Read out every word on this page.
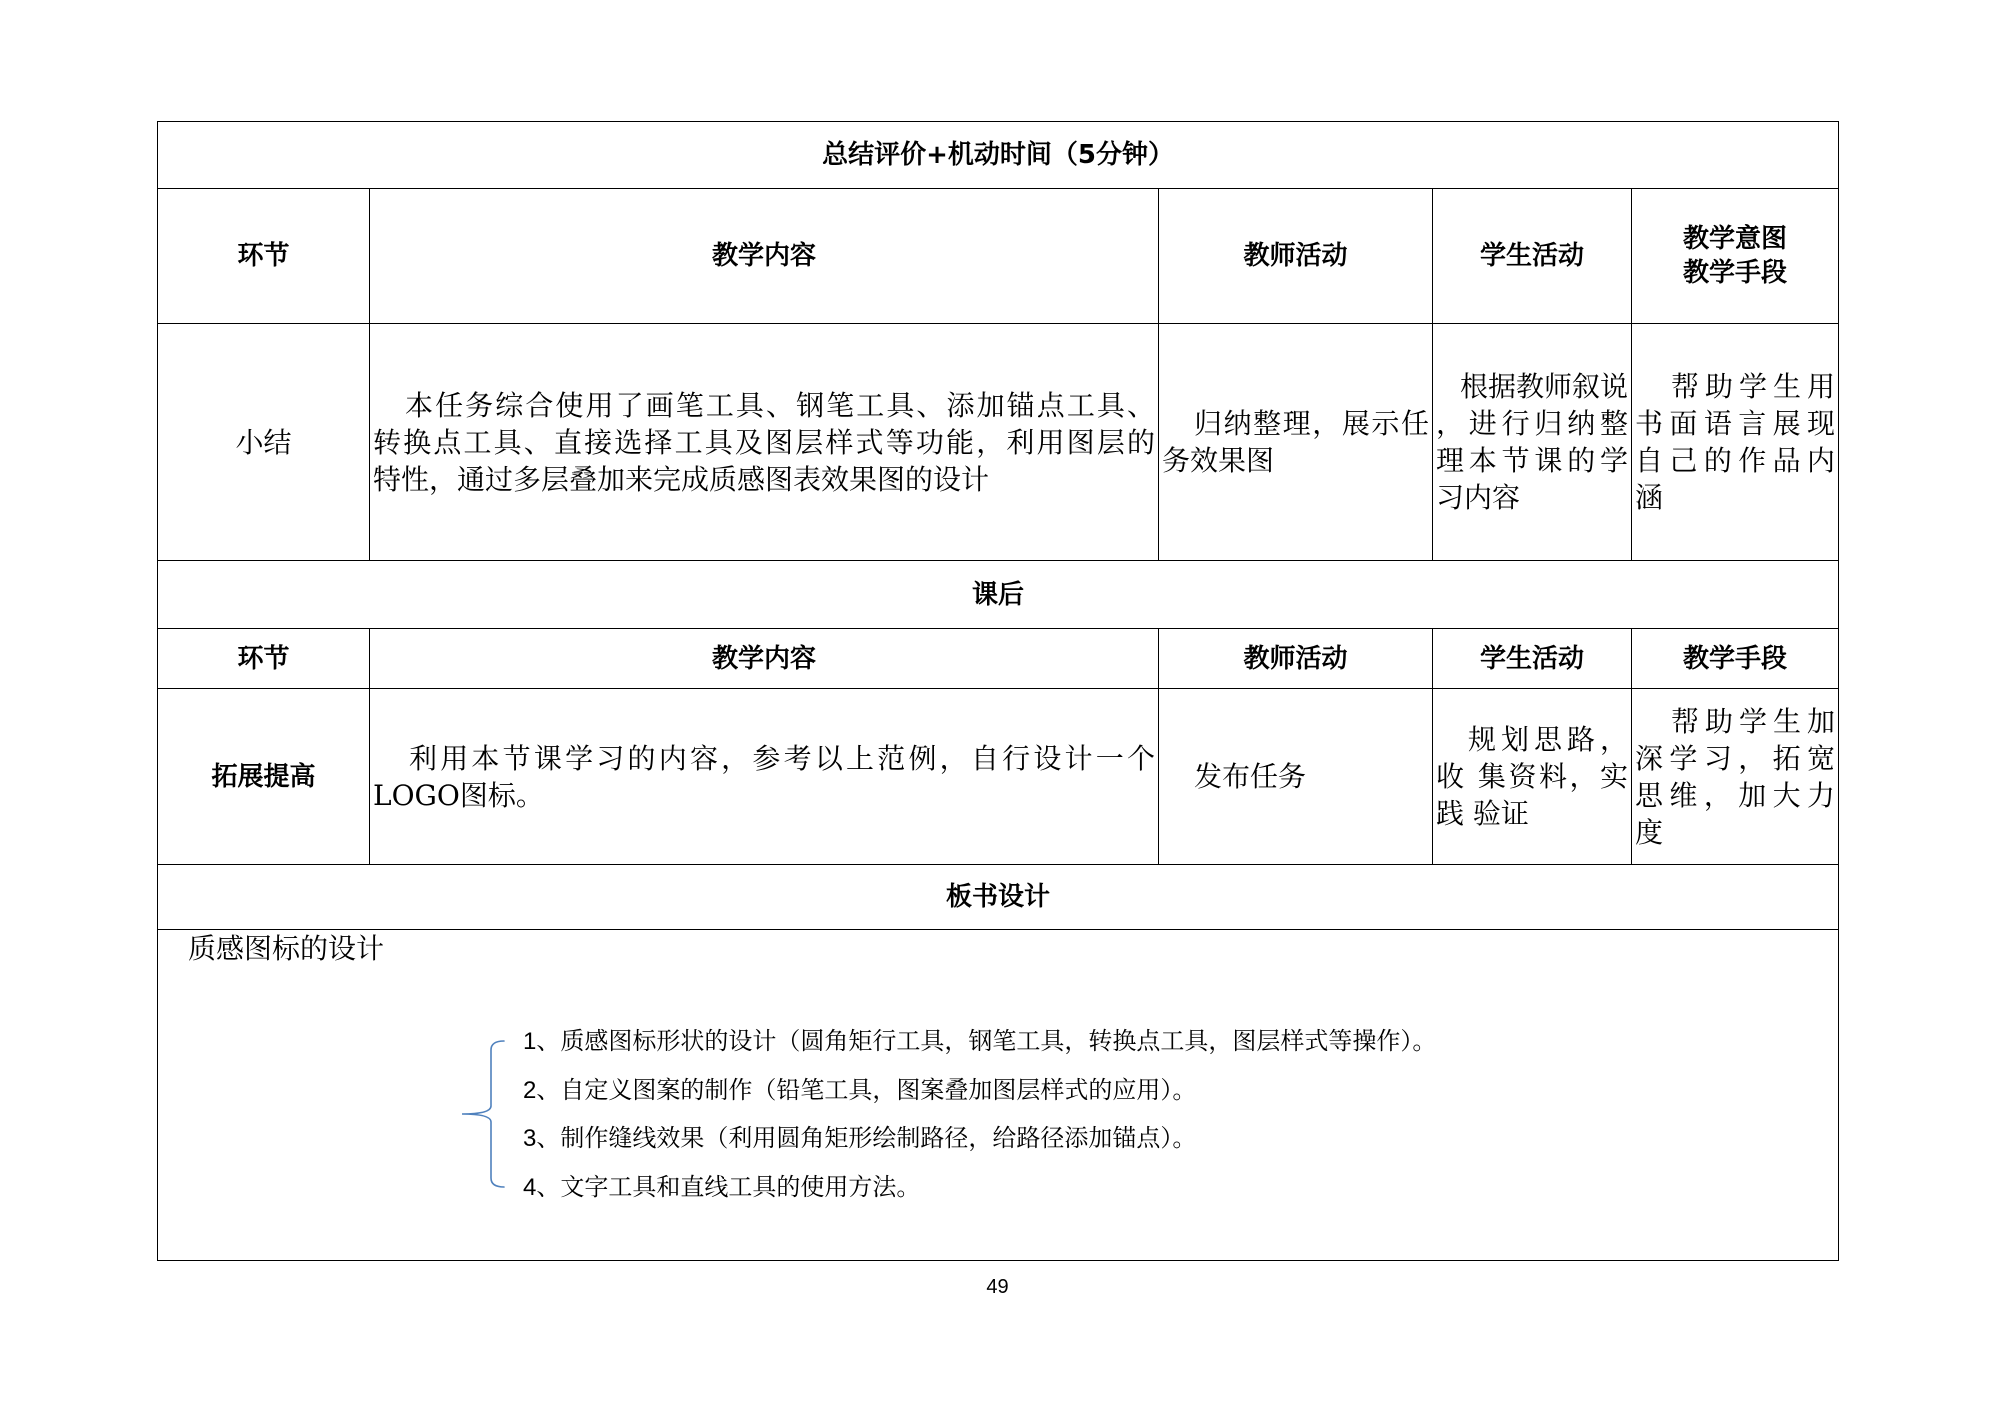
总结评价+机动时间（5分钟）				
环节	教学内容	教师活动	学生活动	教学意图
教学手段

小结	本任务综合使用了画笔工具、钢笔工具、添加锚点工具、
转换点工具、直接选择工具及图层样式等功能，利用图层的
特性，通过多层叠加来完成质感图表效果图的设计	归纳整理，展示任
务效果图	根据教师叙说
，进行归纳整
理本节课的学
习内容	帮助学生用
书面语言展现
自己的作品内
涵

课后				
环节	教学内容	教师活动	学生活动	教学手段
拓展提高	利用本节课学习的内容，参考以上范例，自行设计一个
LOGO图标。	发布任务	规划思路，
收 集资料，实
践 验证	帮助学生加
深学习，拓宽
思维，加大力
度

板书设计				

质感图标的设计
1、质感图标形状的设计（圆角矩行工具，钢笔工具，转换点工具，图层样式等操作）。
2、自定义图案的制作（铅笔工具，图案叠加图层样式的应用）。
3、制作缝线效果（利用圆角矩形绘制路径，给路径添加锚点）。
4、文字工具和直线工具的使用方法。				
49
